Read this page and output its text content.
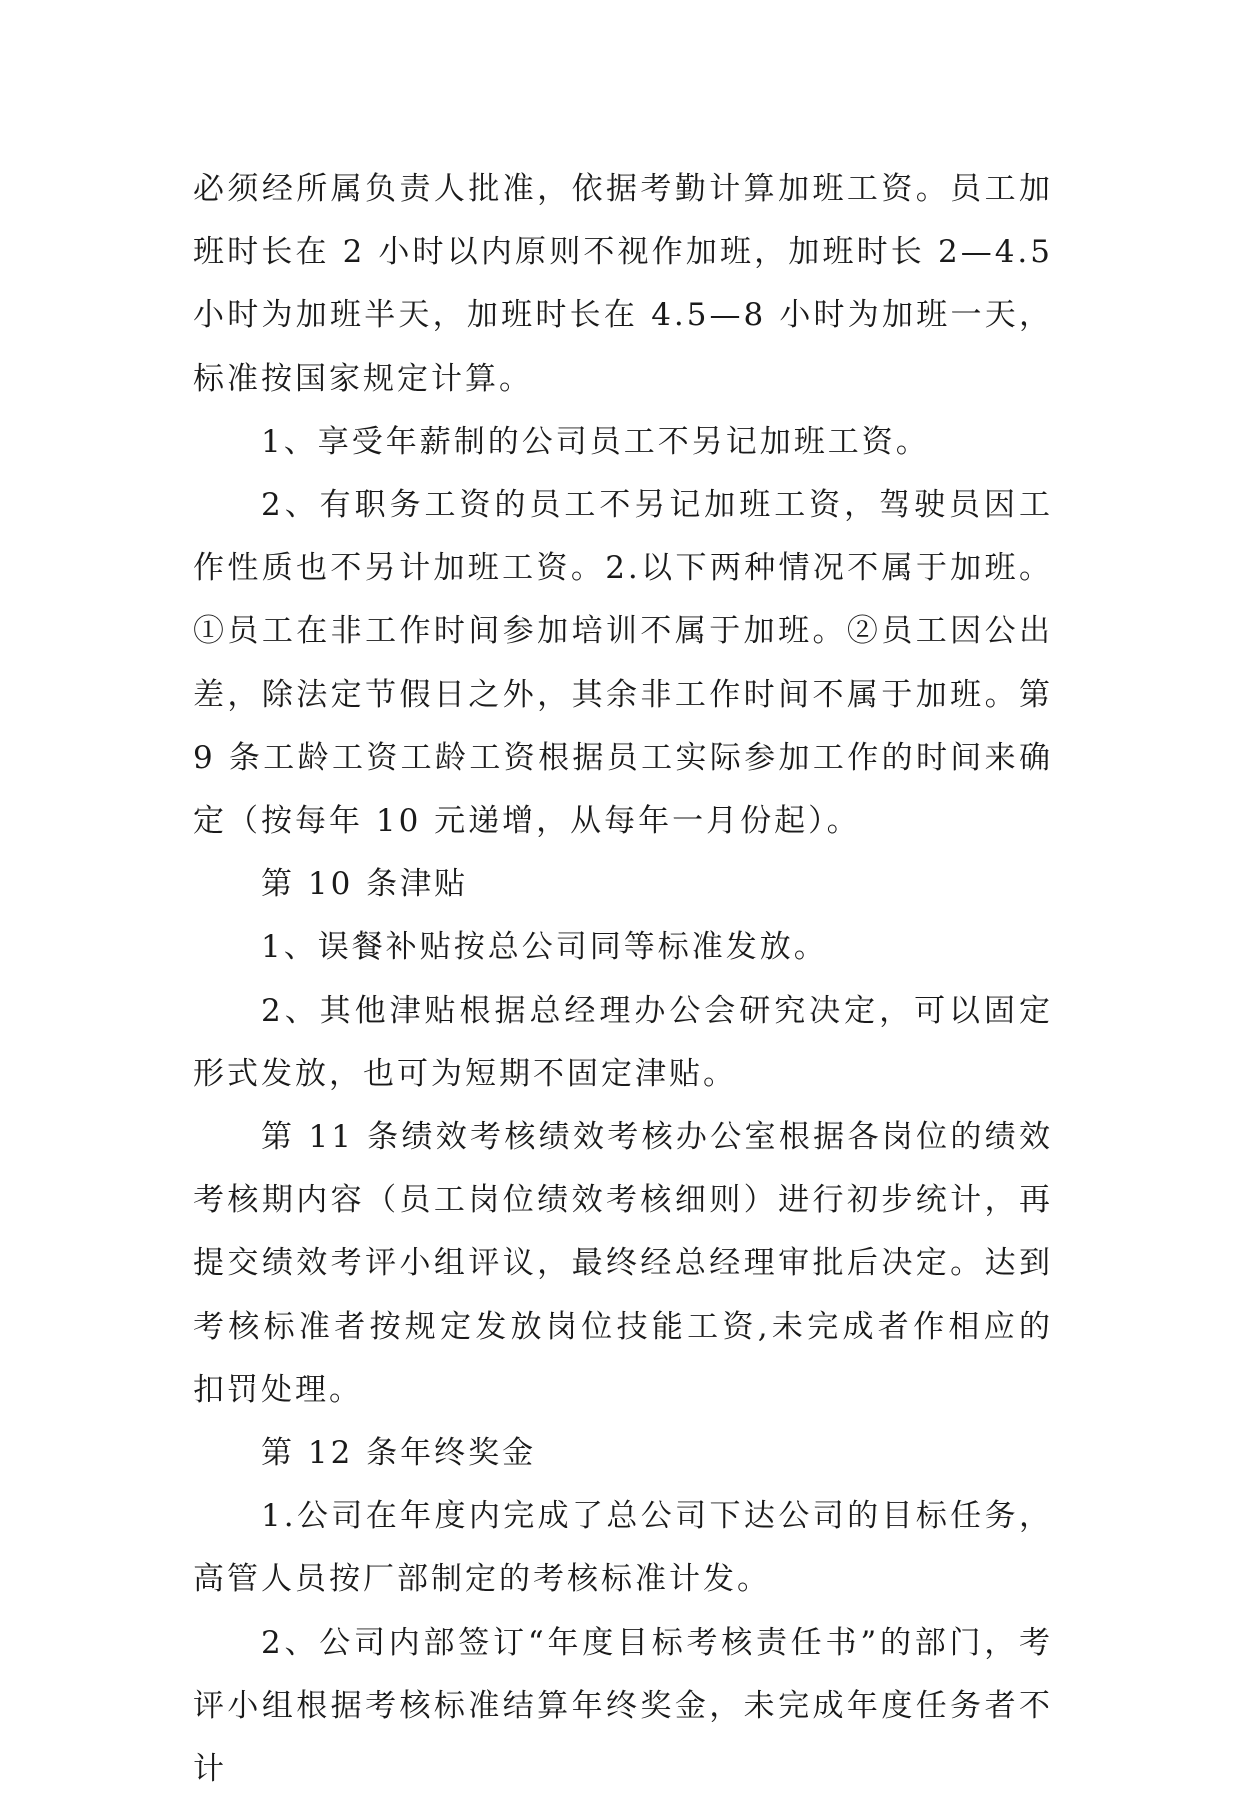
必须经所属负责人批准，依据考勤计算加班工资。员工加班时长在 2 小时以内原则不视作加班，加班时长 2—4.5 小时为加班半天，加班时长在 4.5—8 小时为加班一天，标准按国家规定计算。

1、享受年薪制的公司员工不另记加班工资。

2、有职务工资的员工不另记加班工资，驾驶员因工作性质也不另计加班工资。2.以下两种情况不属于加班。①员工在非工作时间参加培训不属于加班。②员工因公出差，除法定节假日之外，其余非工作时间不属于加班。第 9 条工龄工资工龄工资根据员工实际参加工作的时间来确定（按每年 10 元递增，从每年一月份起）。

第 10 条津贴

1、误餐补贴按总公司同等标准发放。

2、其他津贴根据总经理办公会研究决定，可以固定形式发放，也可为短期不固定津贴。

第 11 条绩效考核绩效考核办公室根据各岗位的绩效考核期内容（员工岗位绩效考核细则）进行初步统计，再提交绩效考评小组评议，最终经总经理审批后决定。达到考核标准者按规定发放岗位技能工资,未完成者作相应的扣罚处理。

第 12 条年终奖金

1.公司在年度内完成了总公司下达公司的目标任务，高管人员按厂部制定的考核标准计发。

2、公司内部签订“年度目标考核责任书”的部门，考评小组根据考核标准结算年终奖金，未完成年度任务者不计
